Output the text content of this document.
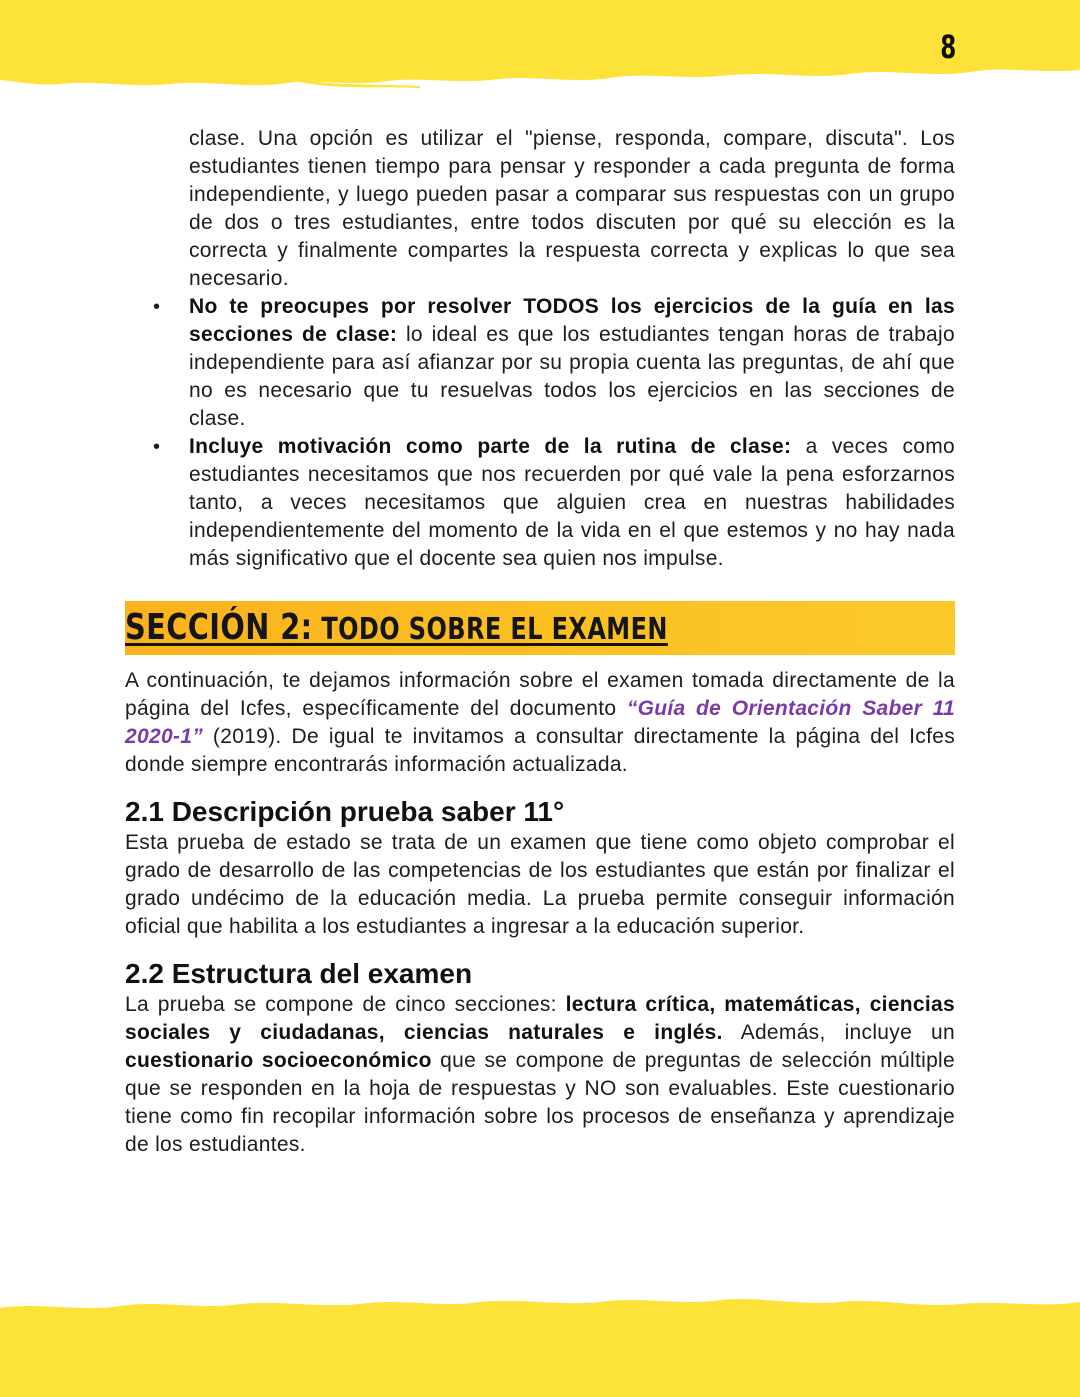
8

clase. Una opción es utilizar el "piense, responda, compare, discuta". Los estudiantes tienen tiempo para pensar y responder a cada pregunta de forma independiente, y luego pueden pasar a comparar sus respuestas con un grupo de dos o tres estudiantes, entre todos discuten por qué su elección es la correcta y finalmente compartes la respuesta correcta y explicas lo que sea necesario.

• No te preocupes por resolver TODOS los ejercicios de la guía en las secciones de clase: lo ideal es que los estudiantes tengan horas de trabajo independiente para así afianzar por su propia cuenta las preguntas, de ahí que no es necesario que tu resuelvas todos los ejercicios en las secciones de clase.
• Incluye motivación como parte de la rutina de clase: a veces como estudiantes necesitamos que nos recuerden por qué vale la pena esforzarnos tanto, a veces necesitamos que alguien crea en nuestras habilidades independientemente del momento de la vida en el que estemos y no hay nada más significativo que el docente sea quien nos impulse.
SECCIÓN 2: TODO SOBRE EL EXAMEN

A continuación, te dejamos información sobre el examen tomada directamente de la página del Icfes, específicamente del documento “Guía de Orientación Saber 11 2020-1” (2019). De igual te invitamos a consultar directamente la página del Icfes donde siempre encontrarás información actualizada.

2.1 Descripción prueba saber 11°

Esta prueba de estado se trata de un examen que tiene como objeto comprobar el grado de desarrollo de las competencias de los estudiantes que están por finalizar el grado undécimo de la educación media. La prueba permite conseguir información oficial que habilita a los estudiantes a ingresar a la educación superior.

2.2 Estructura del examen

La prueba se compone de cinco secciones: lectura crítica, matemáticas, ciencias sociales y ciudadanas, ciencias naturales e inglés. Además, incluye un cuestionario socioeconómico que se compone de preguntas de selección múltiple que se responden en la hoja de respuestas y NO son evaluables. Este cuestionario tiene como fin recopilar información sobre los procesos de enseñanza y aprendizaje de los estudiantes.
